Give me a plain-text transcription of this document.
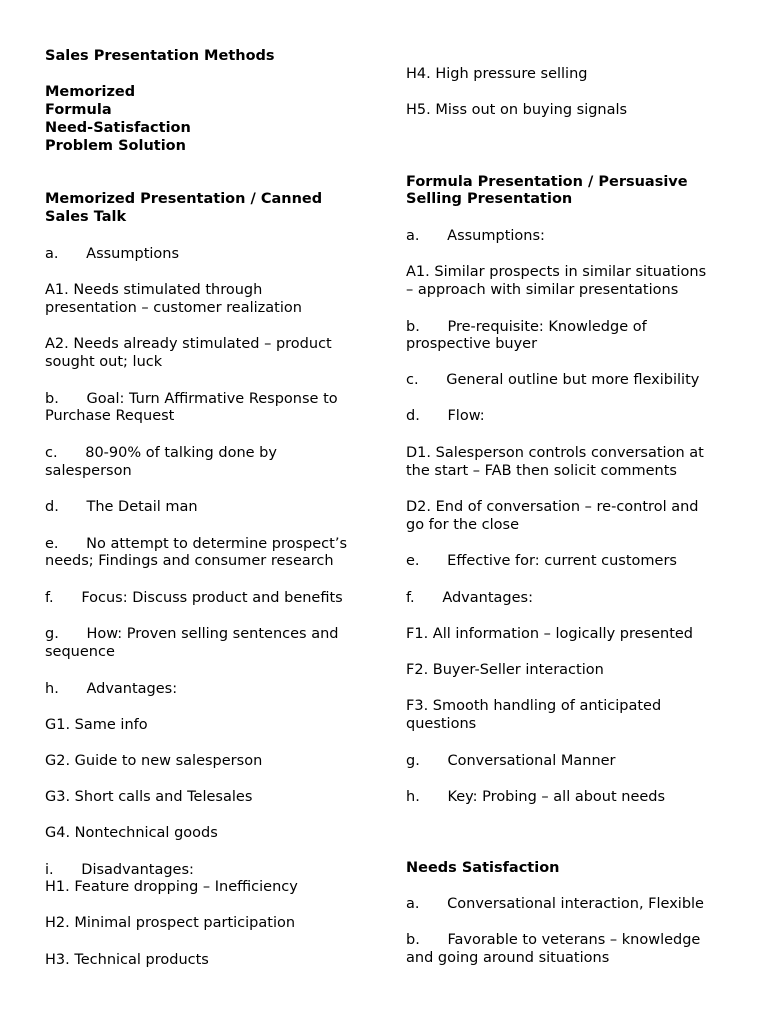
Sales Presentation Methods
Memorized
Formula
Need-Satisfaction
Problem Solution
Memorized Presentation / Canned
Sales Talk
a.      Assumptions
A1. Needs stimulated through
presentation – customer realization
A2. Needs already stimulated – product
sought out; luck
b.      Goal: Turn Affirmative Response to
Purchase Request
c.      80-90% of talking done by
salesperson
d.      The Detail man
e.      No attempt to determine prospect’s
needs; Findings and consumer research
f.      Focus: Discuss product and benefits
g.      How: Proven selling sentences and
sequence
h.      Advantages:
G1. Same info
G2. Guide to new salesperson
G3. Short calls and Telesales
G4. Nontechnical goods
i.      Disadvantages:
H1. Feature dropping – Inefficiency
H2. Minimal prospect participation
H3. Technical products
H4. High pressure selling
H5. Miss out on buying signals
Formula Presentation / Persuasive
Selling Presentation
a.      Assumptions:
A1. Similar prospects in similar situations
– approach with similar presentations
b.      Pre-requisite: Knowledge of
prospective buyer
c.      General outline but more flexibility
d.      Flow:
D1. Salesperson controls conversation at
the start – FAB then solicit comments
D2. End of conversation – re-control and
go for the close
e.      Effective for: current customers
f.      Advantages:
F1. All information – logically presented
F2. Buyer-Seller interaction
F3. Smooth handling of anticipated
questions
g.      Conversational Manner
h.      Key: Probing – all about needs
Needs Satisfaction
a.      Conversational interaction, Flexible
b.      Favorable to veterans – knowledge
and going around situations
